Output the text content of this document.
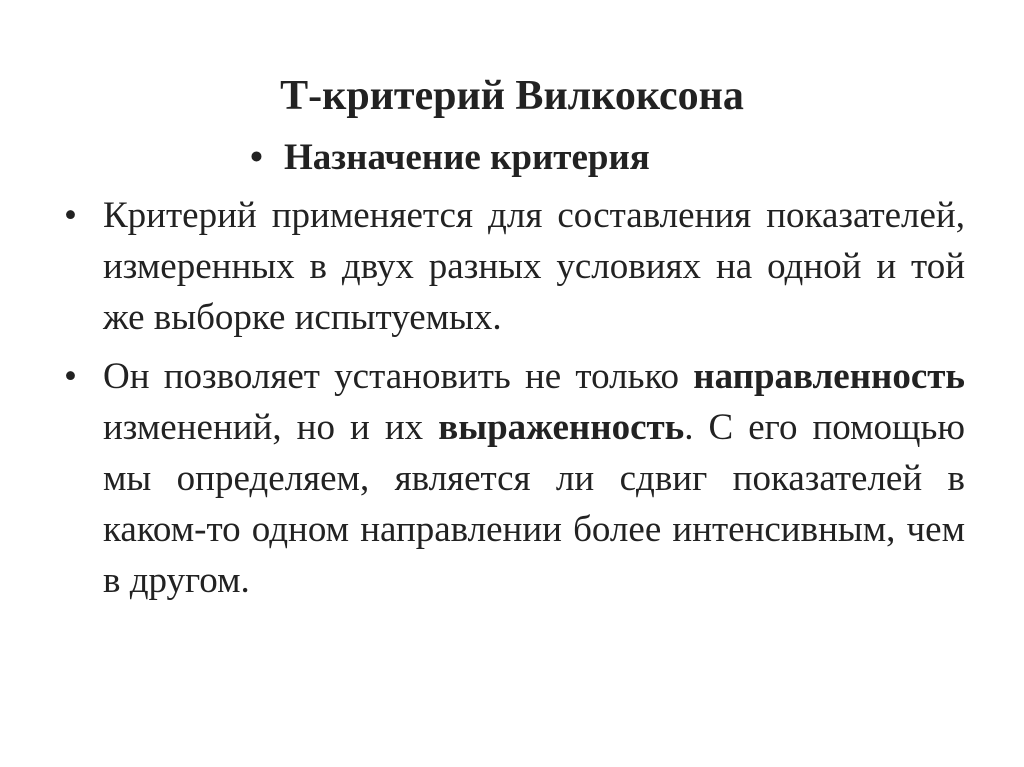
Т-критерий Вилкоксона
• Назначение критерия
• Критерий применяется для составления показателей, измеренных в двух разных условиях на одной и той же выборке испытуемых.
• Он позволяет установить не только направленность изменений, но и их выраженность. С его помощью мы определяем, является ли сдвиг показателей в каком-то одном направлении более интенсивным, чем в другом.
